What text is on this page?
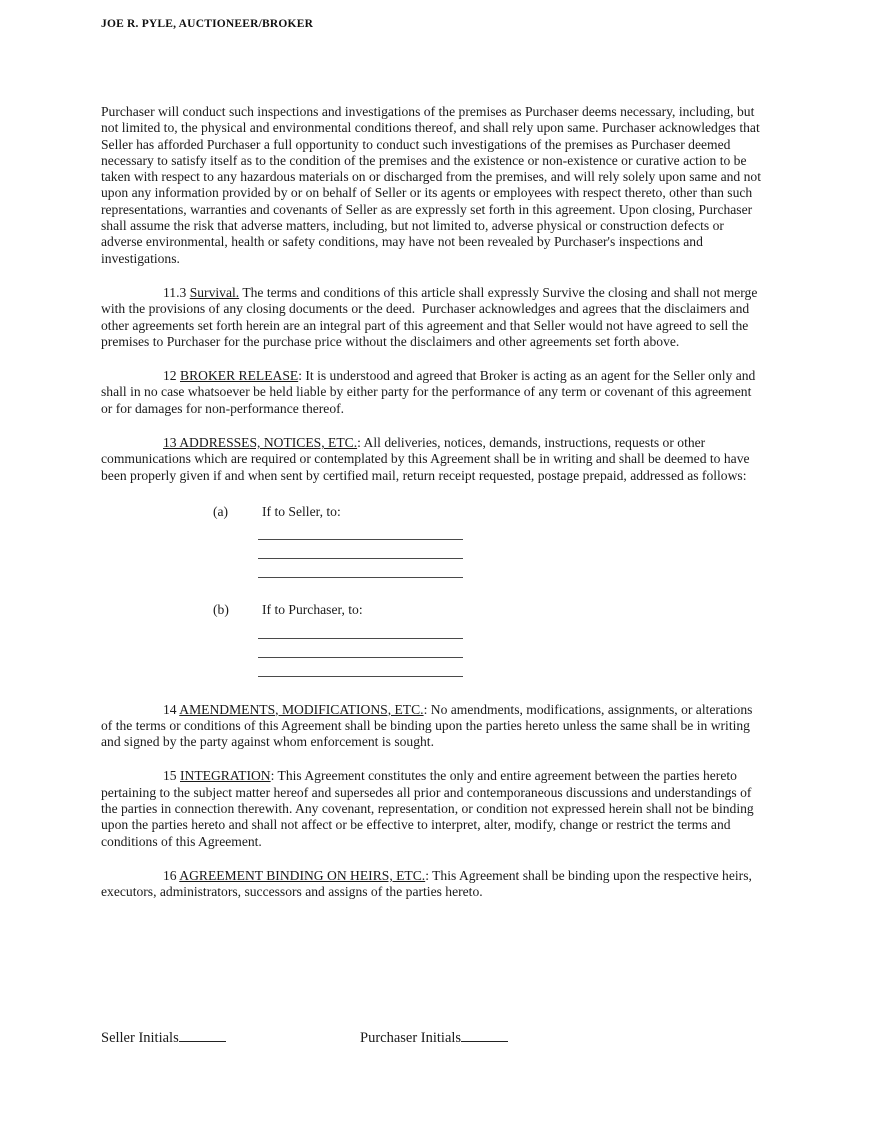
JOE R. PYLE, AUCTIONEER/BROKER

Purchaser will conduct such inspections and investigations of the premises as Purchaser deems necessary, including, but not limited to, the physical and environmental conditions thereof, and shall rely upon same. Purchaser acknowledges that Seller has afforded Purchaser a full opportunity to conduct such investigations of the premises as Purchaser deemed necessary to satisfy itself as to the condition of the premises and the existence or non-existence or curative action to be taken with respect to any hazardous materials on or discharged from the premises, and will rely solely upon same and not upon any information provided by or on behalf of Seller or its agents or employees with respect thereto, other than such representations, warranties and covenants of Seller as are expressly set forth in this agreement. Upon closing, Purchaser shall assume the risk that adverse matters, including, but not limited to, adverse physical or construction defects or adverse environmental, health or safety conditions, may have not been revealed by Purchaser's inspections and investigations.

11.3 Survival. The terms and conditions of this article shall expressly Survive the closing and shall not merge with the provisions of any closing documents or the deed.  Purchaser acknowledges and agrees that the disclaimers and other agreements set forth herein are an integral part of this agreement and that Seller would not have agreed to sell the premises to Purchaser for the purchase price without the disclaimers and other agreements set forth above.

12 BROKER RELEASE: It is understood and agreed that Broker is acting as an agent for the Seller only and shall in no case whatsoever be held liable by either party for the performance of any term or covenant of this agreement or for damages for non-performance thereof.

13 ADDRESSES, NOTICES, ETC.: All deliveries, notices, demands, instructions, requests or other communications which are required or contemplated by this Agreement shall be in writing and shall be deemed to have been properly given if and when sent by certified mail, return receipt requested, postage prepaid, addressed as follows:

(a)	If to Seller, to:
(b)	If to Purchaser, to:

14 AMENDMENTS, MODIFICATIONS, ETC.: No amendments, modifications, assignments, or alterations of the terms or conditions of this Agreement shall be binding upon the parties hereto unless the same shall be in writing and signed by the party against whom enforcement is sought.

15 INTEGRATION: This Agreement constitutes the only and entire agreement between the parties hereto pertaining to the subject matter hereof and supersedes all prior and contemporaneous discussions and understandings of the parties in connection therewith. Any covenant, representation, or condition not expressed herein shall not be binding upon the parties hereto and shall not affect or be effective to interpret, alter, modify, change or restrict the terms and conditions of this Agreement.

16 AGREEMENT BINDING ON HEIRS, ETC.: This Agreement shall be binding upon the respective heirs, executors, administrators, successors and assigns of the parties hereto.

Seller Initials	Purchaser Initials
